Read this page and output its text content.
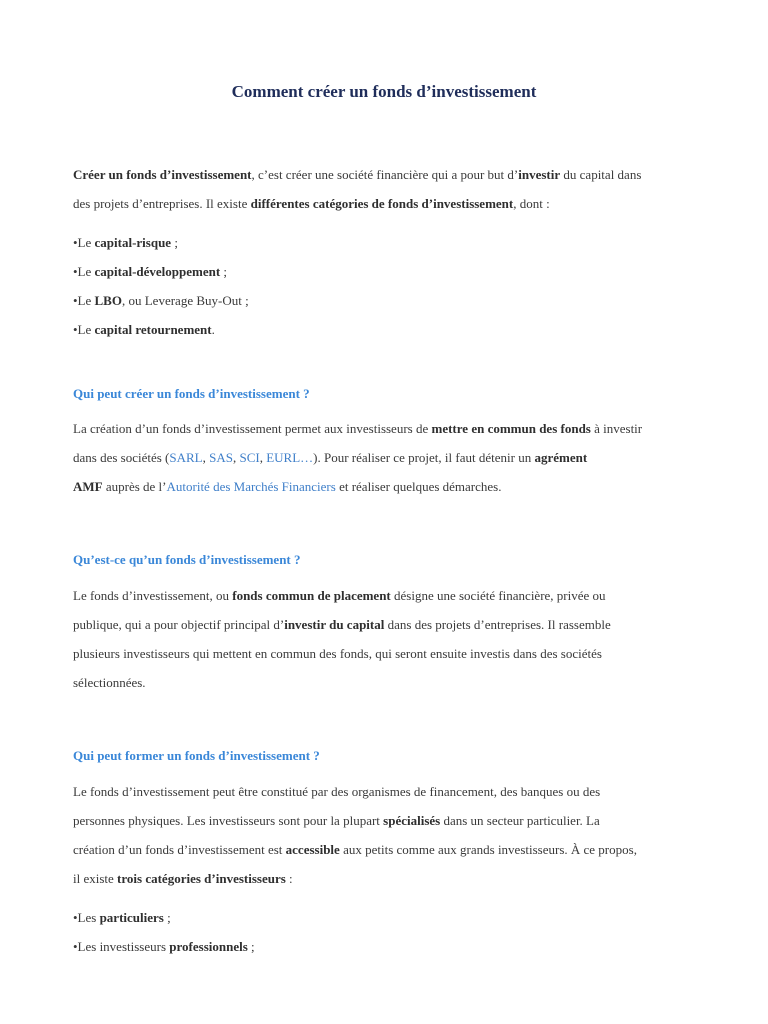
Comment créer un fonds d’investissement

Créer un fonds d’investissement, c’est créer une société financière qui a pour but d’investir du capital dans
des projets d’entreprises. Il existe différentes catégories de fonds d’investissement, dont :

•Le capital-risque ;
•Le capital-développement ;
•Le LBO, ou Leverage Buy-Out ;
•Le capital retournement.

Qui peut créer un fonds d’investissement ?

La création d’un fonds d’investissement permet aux investisseurs de mettre en commun des fonds à investir
dans des sociétés (SARL, SAS, SCI, EURL…). Pour réaliser ce projet, il faut détenir un agrément
AMF auprès de l’Autorité des Marchés Financiers et réaliser quelques démarches.

Qu’est-ce qu’un fonds d’investissement ?

Le fonds d’investissement, ou fonds commun de placement désigne une société financière, privée ou
publique, qui a pour objectif principal d’investir du capital dans des projets d’entreprises. Il rassemble
plusieurs investisseurs qui mettent en commun des fonds, qui seront ensuite investis dans des sociétés
sélectionnées.

Qui peut former un fonds d’investissement ?

Le fonds d’investissement peut être constitué par des organismes de financement, des banques ou des
personnes physiques. Les investisseurs sont pour la plupart spécialisés dans un secteur particulier. La
création d’un fonds d’investissement est accessible aux petits comme aux grands investisseurs. À ce propos,
il existe trois catégories d’investisseurs :

•Les particuliers ;
•Les investisseurs professionnels ;
